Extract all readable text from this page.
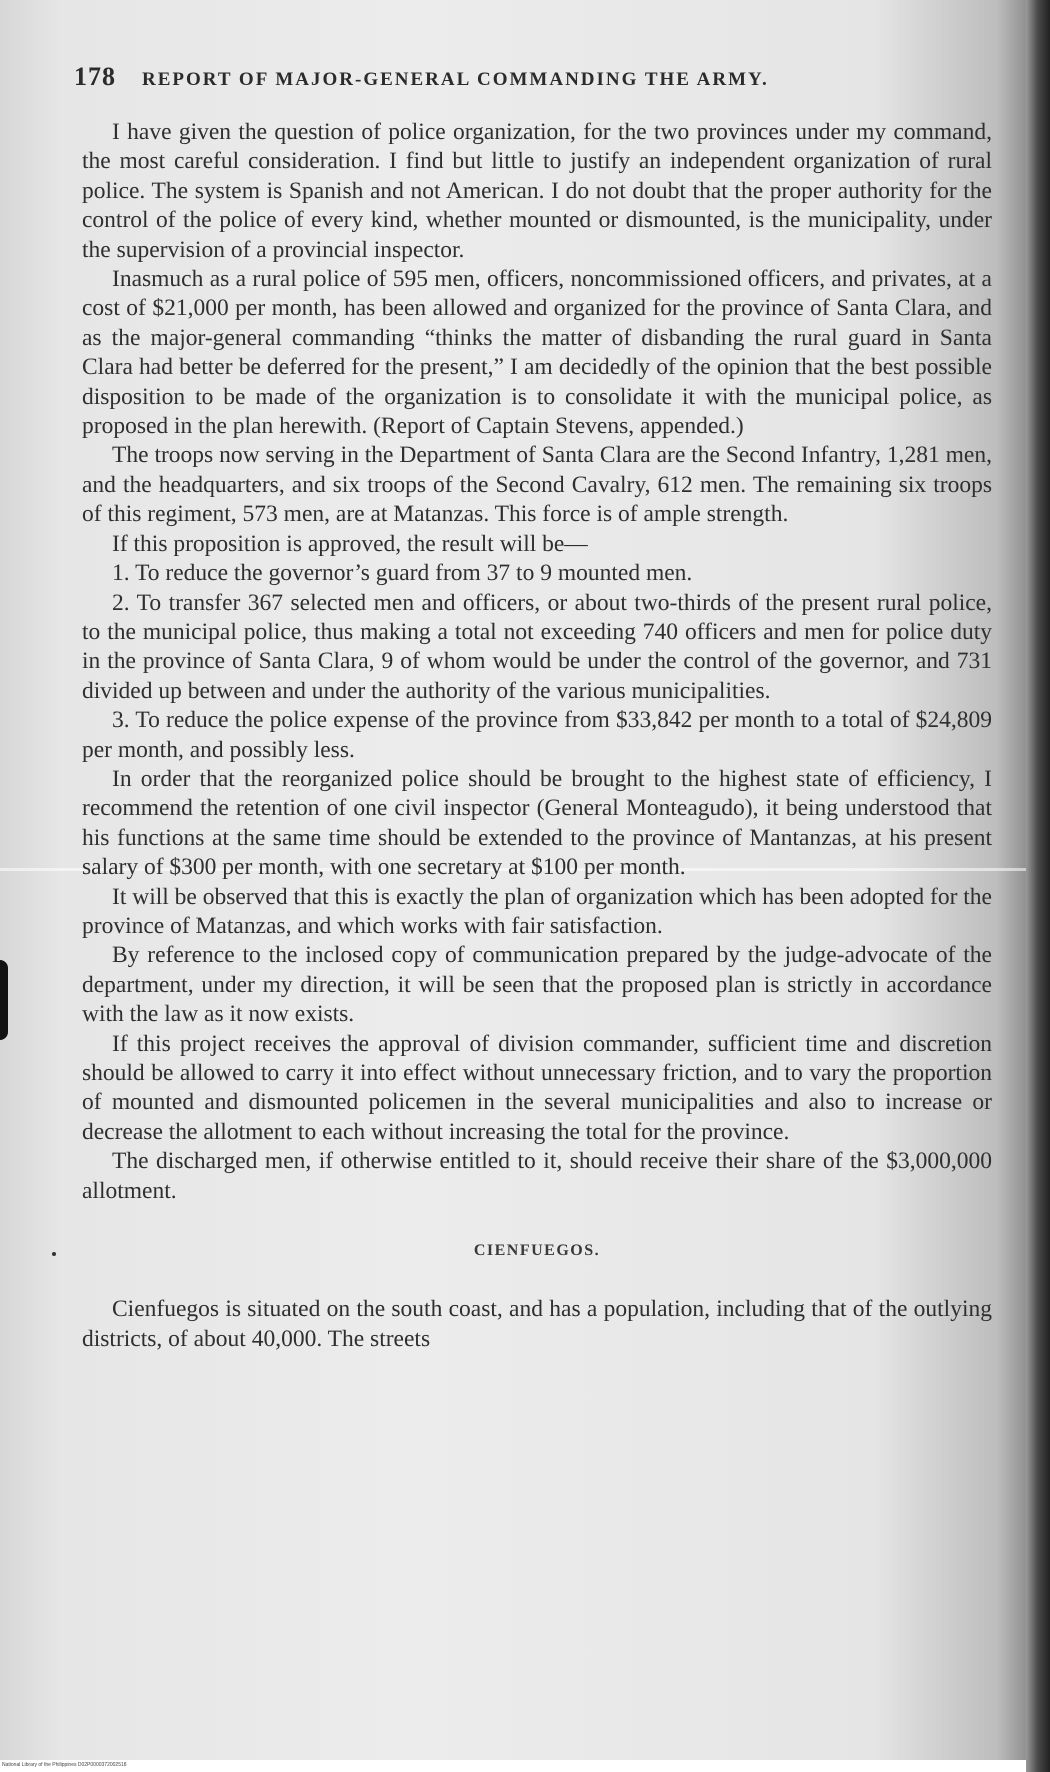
178 REPORT OF MAJOR-GENERAL COMMANDING THE ARMY.

I have given the question of police organization, for the two provinces under my command, the most careful consideration. I find but little to justify an independent organization of rural police. The system is Spanish and not American. I do not doubt that the proper authority for the control of the police of every kind, whether mounted or dismounted, is the municipality, under the supervision of a provincial inspector.

Inasmuch as a rural police of 595 men, officers, noncommissioned officers, and privates, at a cost of $21,000 per month, has been allowed and organized for the province of Santa Clara, and as the major-general commanding “thinks the matter of disbanding the rural guard in Santa Clara had better be deferred for the present,” I am decidedly of the opinion that the best possible disposition to be made of the organization is to consolidate it with the municipal police, as proposed in the plan herewith. (Report of Captain Stevens, appended.)

The troops now serving in the Department of Santa Clara are the Second Infantry, 1,281 men, and the headquarters, and six troops of the Second Cavalry, 612 men. The remaining six troops of this regiment, 573 men, are at Matanzas. This force is of ample strength.

If this proposition is approved, the result will be—

1. To reduce the governor’s guard from 37 to 9 mounted men.

2. To transfer 367 selected men and officers, or about two-thirds of the present rural police, to the municipal police, thus making a total not exceeding 740 officers and men for police duty in the province of Santa Clara, 9 of whom would be under the control of the governor, and 731 divided up between and under the authority of the various municipalities.

3. To reduce the police expense of the province from $33,842 per month to a total of $24,809 per month, and possibly less.

In order that the reorganized police should be brought to the highest state of efficiency, I recommend the retention of one civil inspector (General Monteagudo), it being understood that his functions at the same time should be extended to the province of Mantanzas, at his present salary of $300 per month, with one secretary at $100 per month.

It will be observed that this is exactly the plan of organization which has been adopted for the province of Matanzas, and which works with fair satisfaction.

By reference to the inclosed copy of communication prepared by the judge-advocate of the department, under my direction, it will be seen that the proposed plan is strictly in accordance with the law as it now exists.

If this project receives the approval of division commander, sufficient time and discretion should be allowed to carry it into effect without unnecessary friction, and to vary the proportion of mounted and dismounted policemen in the several municipalities and also to increase or decrease the allotment to each without increasing the total for the province.

The discharged men, if otherwise entitled to it, should receive their share of the $3,000,000 allotment.

CIENFUEGOS.

Cienfuegos is situated on the south coast, and has a population, including that of the outlying districts, of about 40,000. The streets

National Library of the Philippines D02P0000372002518
